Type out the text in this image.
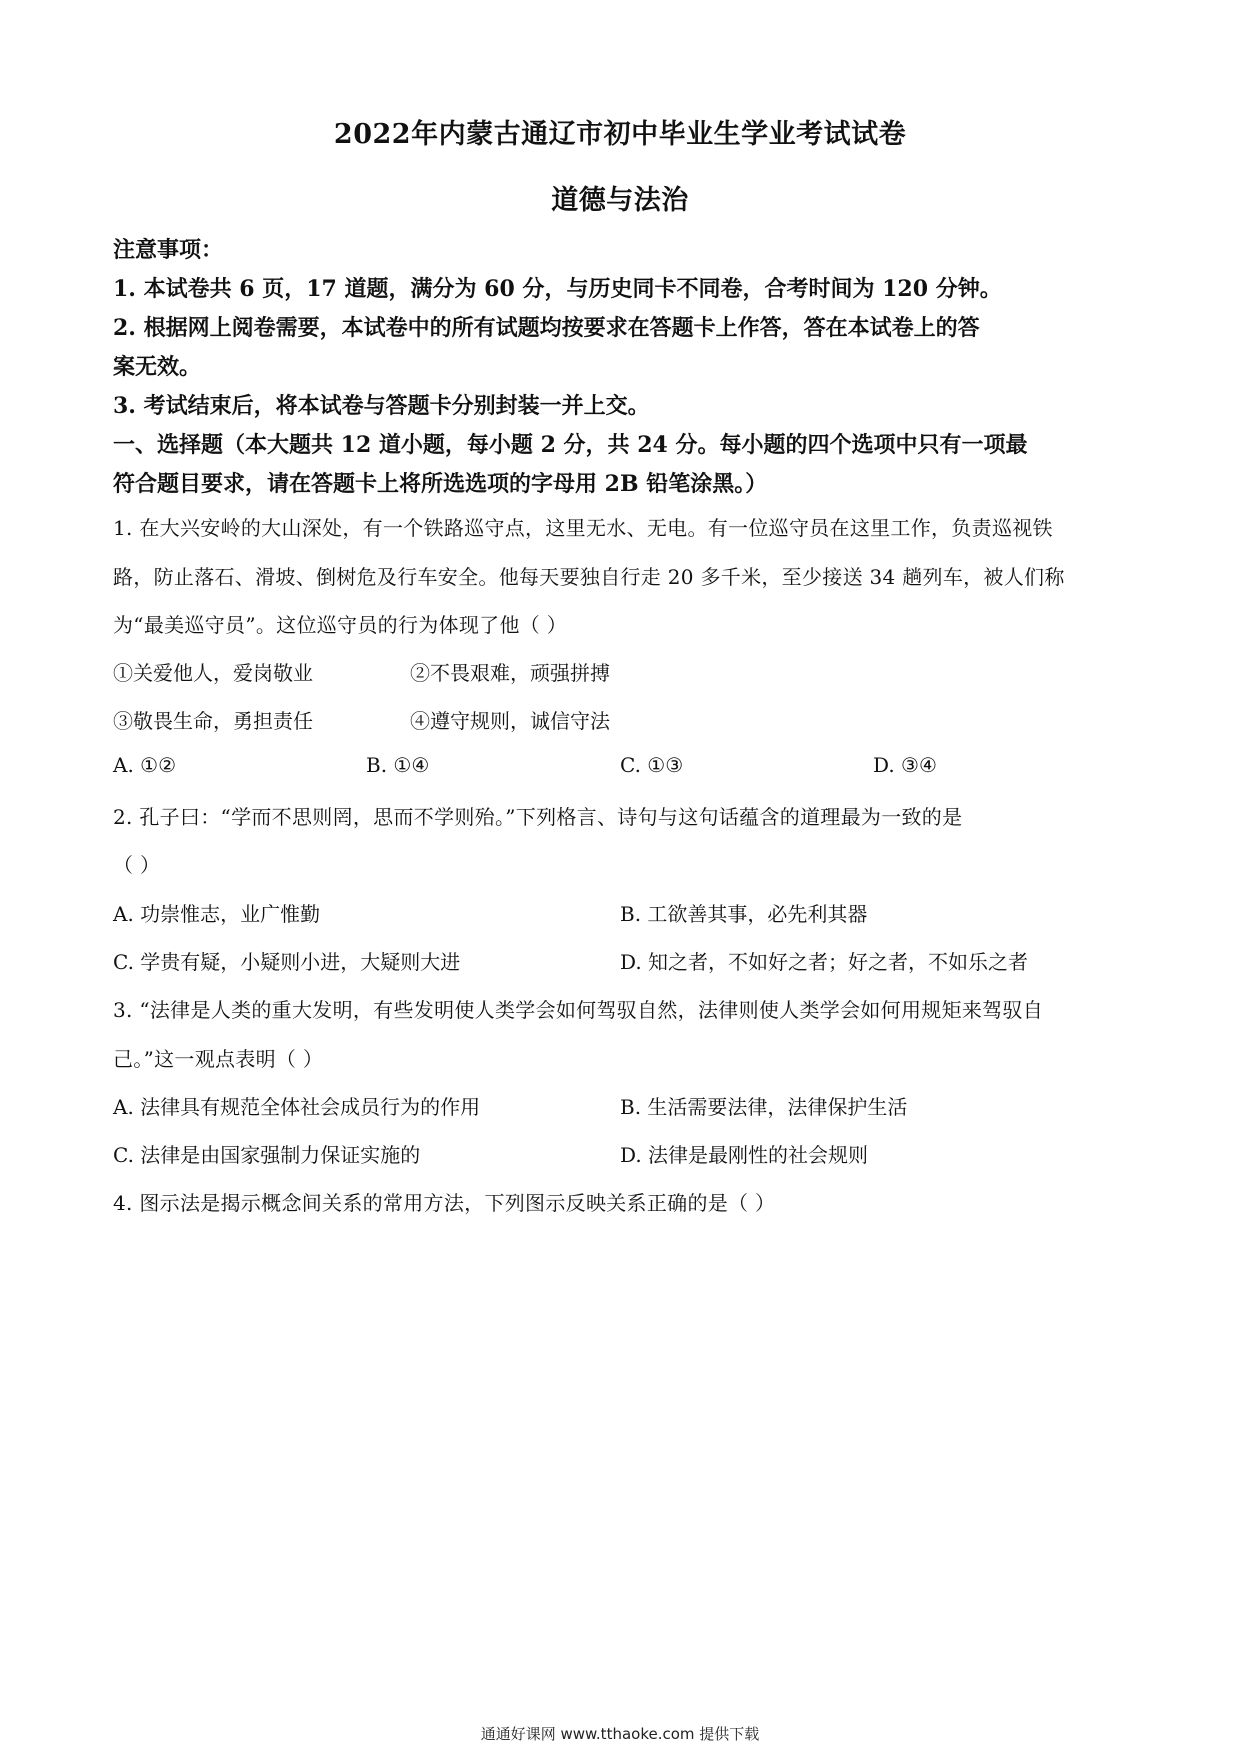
2022年内蒙古通辽市初中毕业生学业考试试卷
道德与法治
注意事项：
1. 本试卷共 6 页，17 道题，满分为 60 分，与历史同卡不同卷，合考时间为 120 分钟。
2. 根据网上阅卷需要，本试卷中的所有试题均按要求在答题卡上作答，答在本试卷上的答
案无效。
3. 考试结束后，将本试卷与答题卡分别封装一并上交。
一、选择题（本大题共 12 道小题，每小题 2 分，共 24 分。每小题的四个选项中只有一项最
符合题目要求，请在答题卡上将所选选项的字母用 2B 铅笔涂黑。）
1. 在大兴安岭的大山深处，有一个铁路巡守点，这里无水、无电。有一位巡守员在这里工作，负责巡视铁
路，防止落石、滑坡、倒树危及行车安全。他每天要独自行走 20 多千米，至少接送 34 趟列车，被人们称
为“最美巡守员”。这位巡守员的行为体现了他（ ）
①关爱他人，爱岗敬业	②不畏艰难，顽强拼搏
③敬畏生命，勇担责任	④遵守规则，诚信守法
A. ①②	B. ①④	C. ①③	D. ③④
2. 孔子曰：“学而不思则罔，思而不学则殆。”下列格言、诗句与这句话蕴含的道理最为一致的是
（ ）
A. 功崇惟志，业广惟勤	B. 工欲善其事，必先利其器
C. 学贵有疑，小疑则小进，大疑则大进	D. 知之者，不如好之者；好之者，不如乐之者
3. “法律是人类的重大发明，有些发明使人类学会如何驾驭自然，法律则使人类学会如何用规矩来驾驭自
己。”这一观点表明（ ）
A. 法律具有规范全体社会成员行为的作用	B. 生活需要法律，法律保护生活
C. 法律是由国家强制力保证实施的	D. 法律是最刚性的社会规则
4. 图示法是揭示概念间关系的常用方法，下列图示反映关系正确的是（ ）
通通好课网 www.tthaoke.com 提供下载
